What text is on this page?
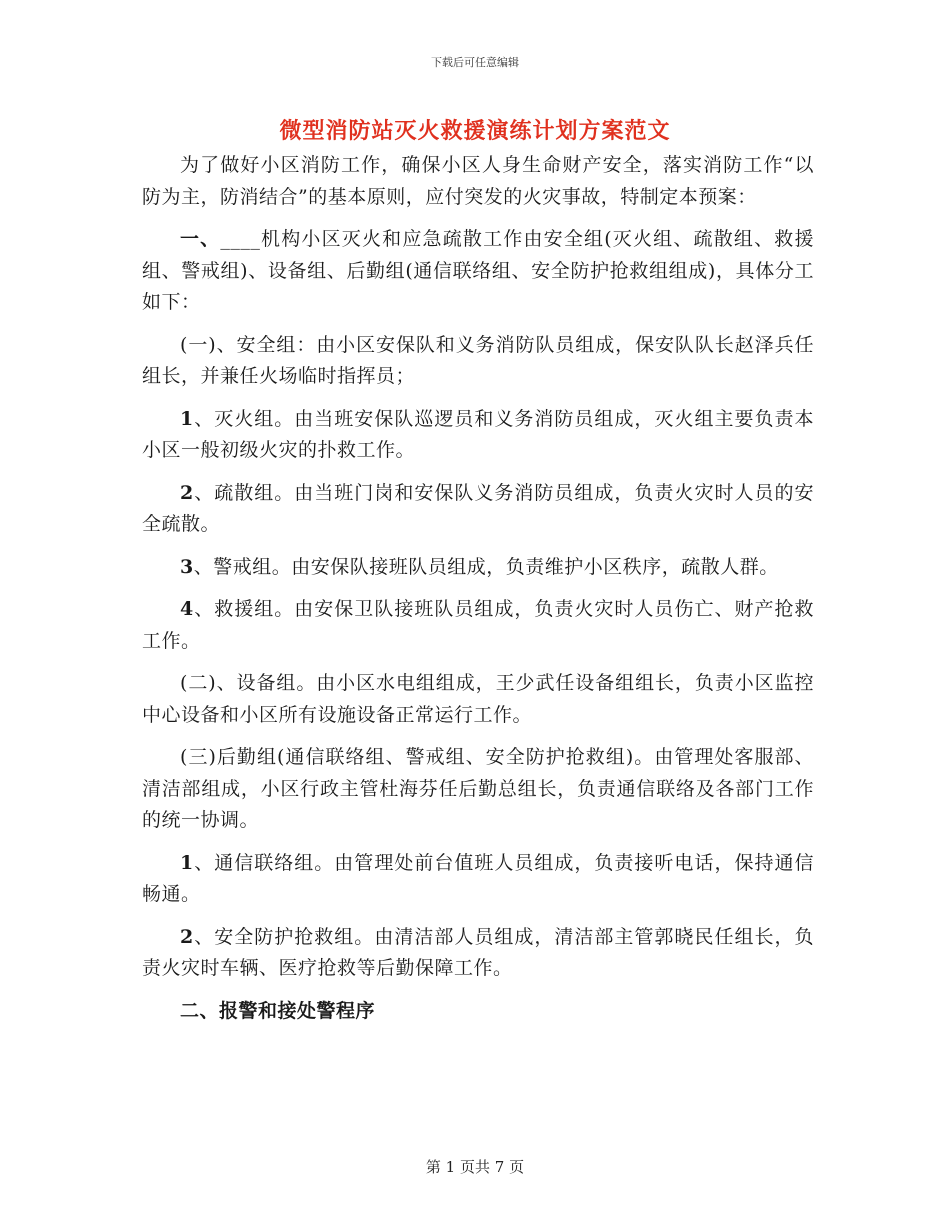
下载后可任意编辑
微型消防站灭火救援演练计划方案范文

为了做好小区消防工作，确保小区人身生命财产安全，落实消防工作“以防为主，防消结合”的基本原则，应付突发的火灾事故，特制定本预案：

一、____机构小区灭火和应急疏散工作由安全组(灭火组、疏散组、救援组、警戒组)、设备组、后勤组(通信联络组、安全防护抢救组组成)，具体分工如下：

(一)、安全组：由小区安保队和义务消防队员组成，保安队队长赵泽兵任组长，并兼任火场临时指挥员；

1、灭火组。由当班安保队巡逻员和义务消防员组成，灭火组主要负责本小区一般初级火灾的扑救工作。

2、疏散组。由当班门岗和安保队义务消防员组成，负责火灾时人员的安全疏散。

3、警戒组。由安保队接班队员组成，负责维护小区秩序，疏散人群。

4、救援组。由安保卫队接班队员组成，负责火灾时人员伤亡、财产抢救工作。

(二)、设备组。由小区水电组组成，王少武任设备组组长，负责小区监控中心设备和小区所有设施设备正常运行工作。

(三)后勤组(通信联络组、警戒组、安全防护抢救组)。由管理处客服部、清洁部组成，小区行政主管杜海芬任后勤总组长，负责通信联络及各部门工作的统一协调。

1、通信联络组。由管理处前台值班人员组成，负责接听电话，保持通信畅通。

2、安全防护抢救组。由清洁部人员组成，清洁部主管郭晓民任组长，负责火灾时车辆、医疗抢救等后勤保障工作。

二、报警和接处警程序

第 1 页共 7 页
